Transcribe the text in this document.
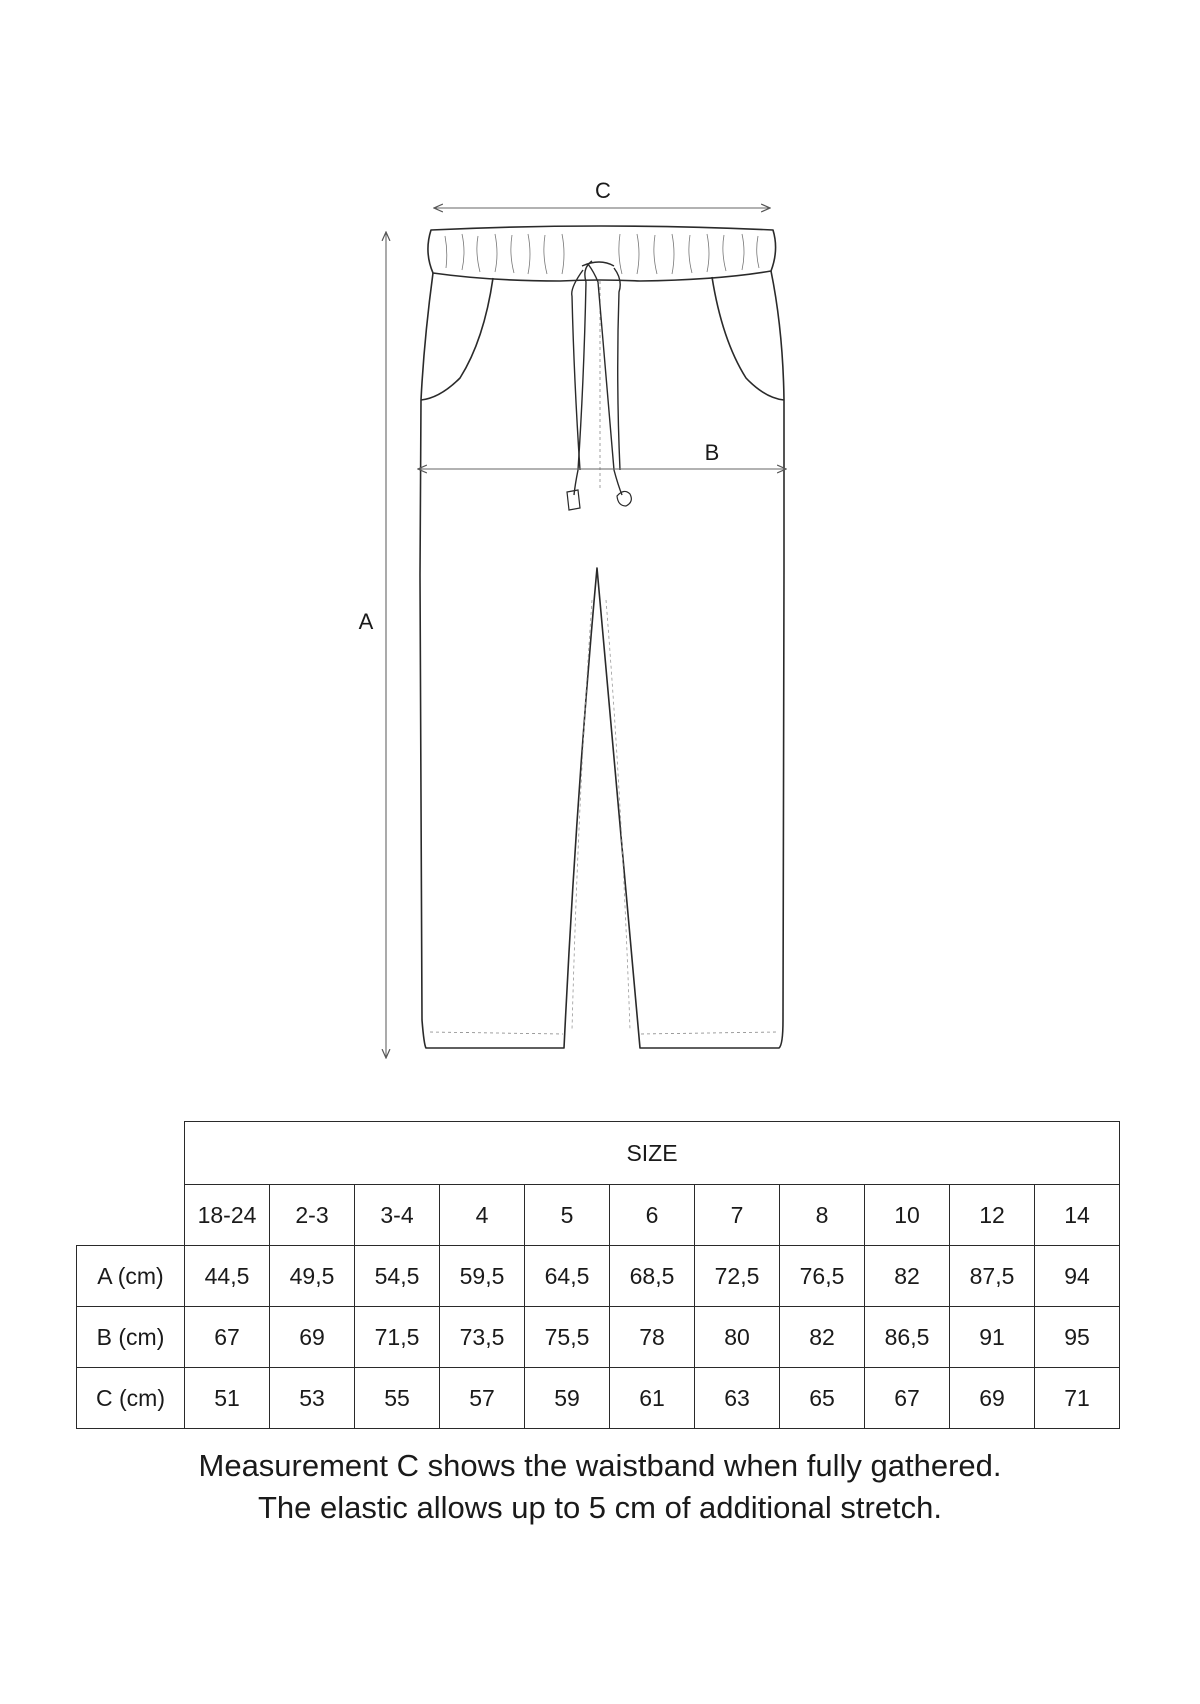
C
B
A
	SIZE										
	18-24	2-3	3-4	4	5	6	7	8	10	12	14
A (cm)	44,5	49,5	54,5	59,5	64,5	68,5	72,5	76,5	82	87,5	94
B (cm)	67	69	71,5	73,5	75,5	78	80	82	86,5	91	95
C (cm)	51	53	55	57	59	61	63	65	67	69	71
Measurement C shows the waistband when fully gathered.
The elastic allows up to 5 cm of additional stretch.
